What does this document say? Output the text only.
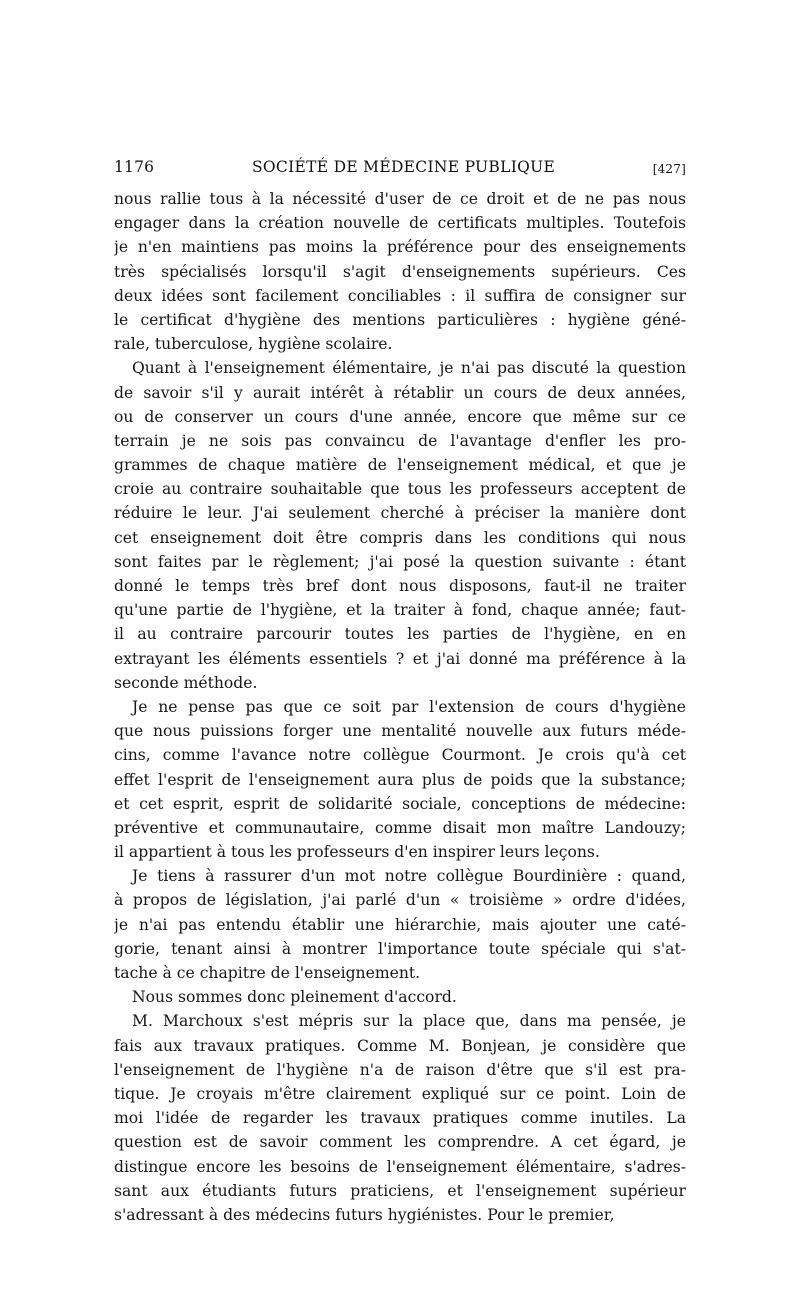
1176	SOCIÉTÉ DE MÉDECINE PUBLIQUE	[427]
nous rallie tous à la nécessité d'user de ce droit et de ne pas nous
engager dans la création nouvelle de certificats multiples. Toutefois
je n'en maintiens pas moins la préférence pour des enseignements
très spécialisés lorsqu'il s'agit d'enseignements supérieurs. Ces
deux idées sont facilement conciliables : il suffira de consigner sur
le certificat d'hygiène des mentions particulières : hygiène géné-
rale, tuberculose, hygiène scolaire.
Quant à l'enseignement élémentaire, je n'ai pas discuté la question
de savoir s'il y aurait intérêt à rétablir un cours de deux années,
ou de conserver un cours d'une année, encore que même sur ce
terrain je ne sois pas convaincu de l'avantage d'enfler les pro-
grammes de chaque matière de l'enseignement médical, et que je
croie au contraire souhaitable que tous les professeurs acceptent de
réduire le leur. J'ai seulement cherché à préciser la manière dont
cet enseignement doit être compris dans les conditions qui nous
sont faites par le règlement; j'ai posé la question suivante : étant
donné le temps très bref dont nous disposons, faut-il ne traiter
qu'une partie de l'hygiène, et la traiter à fond, chaque année; faut-
il au contraire parcourir toutes les parties de l'hygiène, en en
extrayant les éléments essentiels ? et j'ai donné ma préférence à la
seconde méthode.
Je ne pense pas que ce soit par l'extension de cours d'hygiène
que nous puissions forger une mentalité nouvelle aux futurs méde-
cins, comme l'avance notre collègue Courmont. Je crois qu'à cet
effet l'esprit de l'enseignement aura plus de poids que la substance;
et cet esprit, esprit de solidarité sociale, conceptions de médecine:
préventive et communautaire, comme disait mon maître Landouzy;
il appartient à tous les professeurs d'en inspirer leurs leçons.
Je tiens à rassurer d'un mot notre collègue Bourdinière : quand,
à propos de législation, j'ai parlé d'un « troisième » ordre d'idées,
je n'ai pas entendu établir une hiérarchie, mais ajouter une caté-
gorie, tenant ainsi à montrer l'importance toute spéciale qui s'at-
tache à ce chapitre de l'enseignement.
Nous sommes donc pleinement d'accord.
M. Marchoux s'est mépris sur la place que, dans ma pensée, je
fais aux travaux pratiques. Comme M. Bonjean, je considère que
l'enseignement de l'hygiène n'a de raison d'être que s'il est pra-
tique. Je croyais m'être clairement expliqué sur ce point. Loin de
moi l'idée de regarder les travaux pratiques comme inutiles. La
question est de savoir comment les comprendre. A cet égard, je
distingue encore les besoins de l'enseignement élémentaire, s'adres-
sant aux étudiants futurs praticiens, et l'enseignement supérieur
s'adressant à des médecins futurs hygiénistes. Pour le premier,
